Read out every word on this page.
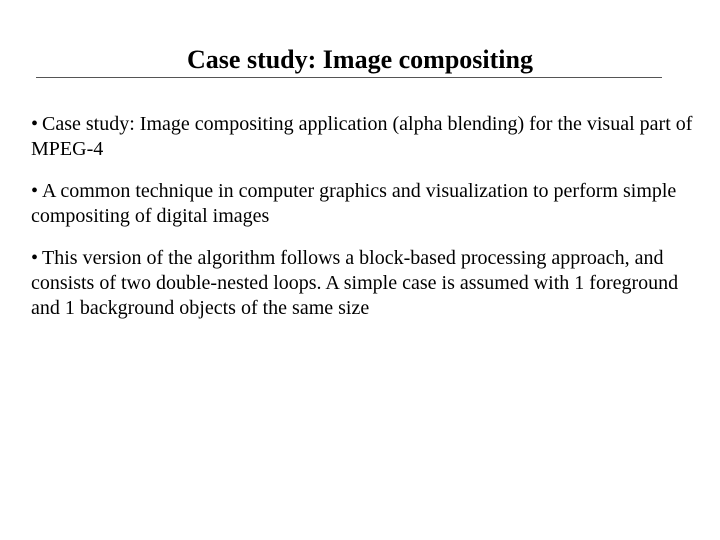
Case study: Image compositing
• Case study: Image compositing application (alpha blending) for the visual part of MPEG-4
• A common technique in computer graphics and visualization to perform simple compositing of digital images
• This version of the algorithm follows a block-based processing approach, and consists of two double-nested loops. A simple case is assumed with 1 foreground and 1 background objects of the same size
